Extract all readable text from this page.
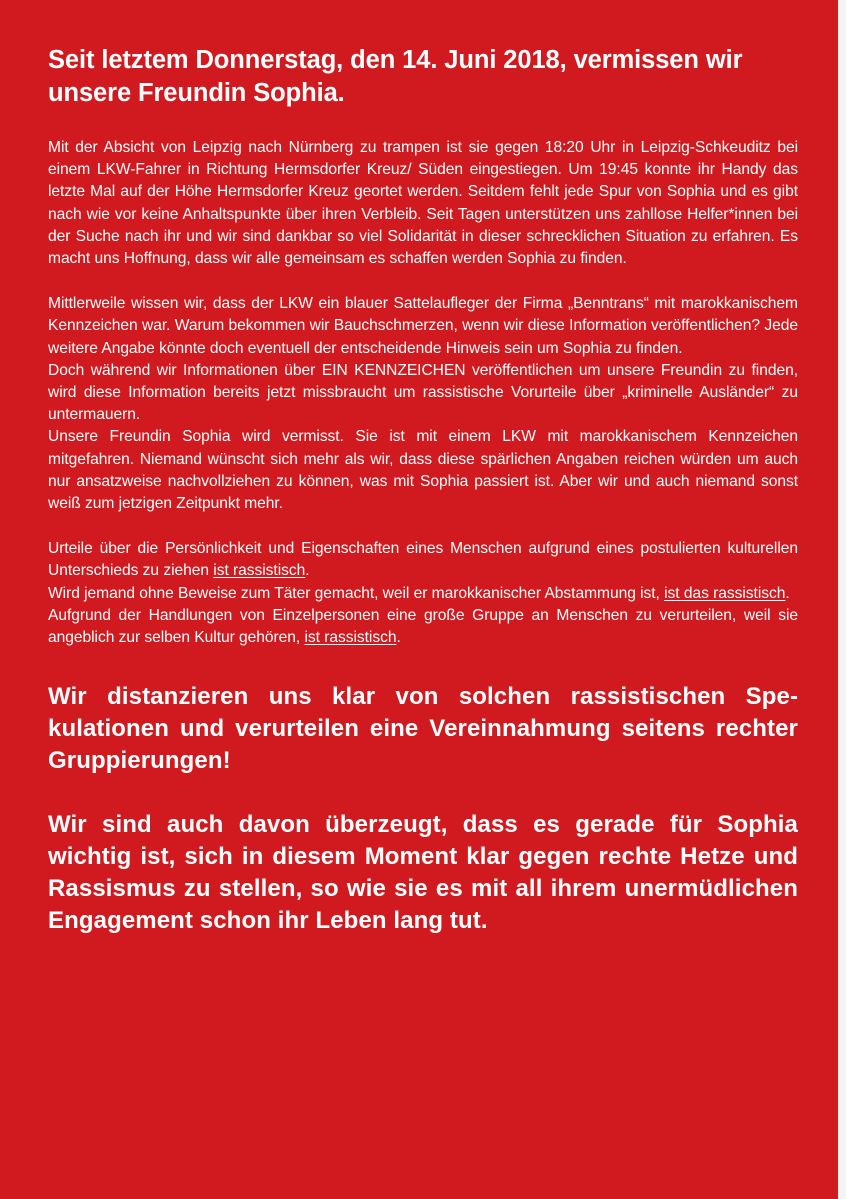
Seit letztem Donnerstag, den 14. Juni 2018, vermissen wir unsere Freundin Sophia.

Mit der Absicht von Leipzig nach Nürnberg zu trampen ist sie gegen 18:20 Uhr in Leipzig-Schkeuditz bei einem LKW-Fahrer in Richtung Hermsdorfer Kreuz/ Süden eingestiegen. Um 19:45 konnte ihr Handy das letzte Mal auf der Höhe Hermsdorfer Kreuz geortet werden. Seitdem fehlt jede Spur von Sophia und es gibt nach wie vor keine Anhaltspunkte über ihren Verbleib. Seit Tagen unterstützen uns zahllose Helfer*innen bei der Suche nach ihr und wir sind dankbar so viel Solidarität in dieser schrecklichen Situation zu erfahren. Es macht uns Hoffnung, dass wir alle gemeinsam es schaffen werden Sophia zu finden.

Mittlerweile wissen wir, dass der LKW ein blauer Sattelaufleger der Firma „Benntrans“ mit marokkanischem Kennzeichen war. Warum bekommen wir Bauchschmerzen, wenn wir diese Information veröffentlichen? Jede weitere Angabe könnte doch eventuell der entscheidende Hinweis sein um Sophia zu finden.

Doch während wir Informationen über EIN KENNZEICHEN veröffentlichen um unsere Freundin zu finden, wird diese Information bereits jetzt missbraucht um rassistische Vorurteile über „kriminelle Ausländer“ zu untermauern.

Unsere Freundin Sophia wird vermisst. Sie ist mit einem LKW mit marokkanischem Kennzeichen mitgefahren. Niemand wünscht sich mehr als wir, dass diese spärlichen Angaben reichen würden um auch nur ansatzweise nachvollziehen zu können, was mit Sophia passiert ist. Aber wir und auch niemand sonst weiß zum jetzigen Zeitpunkt mehr.

Urteile über die Persönlichkeit und Eigenschaften eines Menschen aufgrund eines postulierten kulturellen Unterschieds zu ziehen ist rassistisch.

Wird jemand ohne Beweise zum Täter gemacht, weil er marokkanischer Abstammung ist, ist das rassistisch.

Aufgrund der Handlungen von Einzelpersonen eine große Gruppe an Menschen zu verurteilen, weil sie angeblich zur selben Kultur gehören, ist rassistisch.

Wir distanzieren uns klar von solchen rassistischen Spekulationen und verurteilen eine Vereinnahmung seitens rechter Gruppierungen!

Wir sind auch davon überzeugt, dass es gerade für Sophia wichtig ist, sich in diesem Moment klar gegen rechte Hetze und Rassismus zu stellen, so wie sie es mit all ihrem unermüdlichen Engagement schon ihr Leben lang tut.
